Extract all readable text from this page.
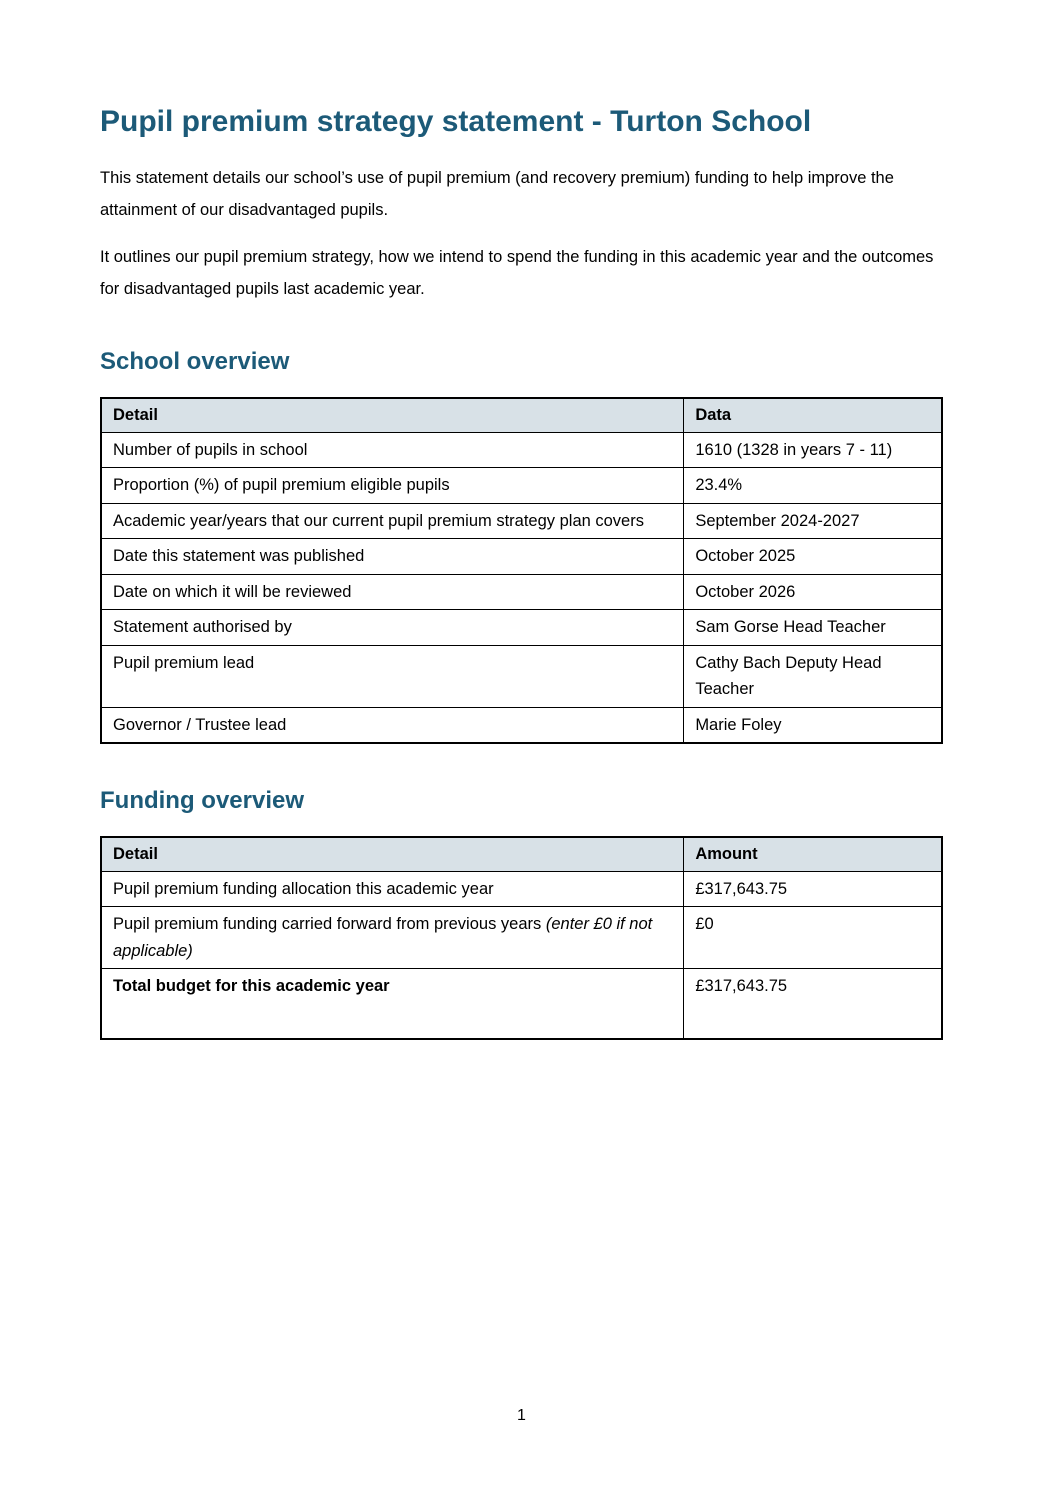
Pupil premium strategy statement - Turton School

This statement details our school’s use of pupil premium (and recovery premium) funding to help improve the attainment of our disadvantaged pupils.

It outlines our pupil premium strategy, how we intend to spend the funding in this academic year and the outcomes for disadvantaged pupils last academic year.

School overview
Detail	Data
Number of pupils in school	1610 (1328 in years 7 - 11)
Proportion (%) of pupil premium eligible pupils	23.4%
Academic year/years that our current pupil premium strategy plan covers	September 2024-2027
Date this statement was published	October 2025
Date on which it will be reviewed	October 2026
Statement authorised by	Sam Gorse Head Teacher
Pupil premium lead	Cathy Bach Deputy Head Teacher
Governor / Trustee lead	Marie Foley
Funding overview
Detail	Amount
Pupil premium funding allocation this academic year	£317,643.75
Pupil premium funding carried forward from previous years (enter £0 if not applicable)	£0
Total budget for this academic year	£317,643.75
1
